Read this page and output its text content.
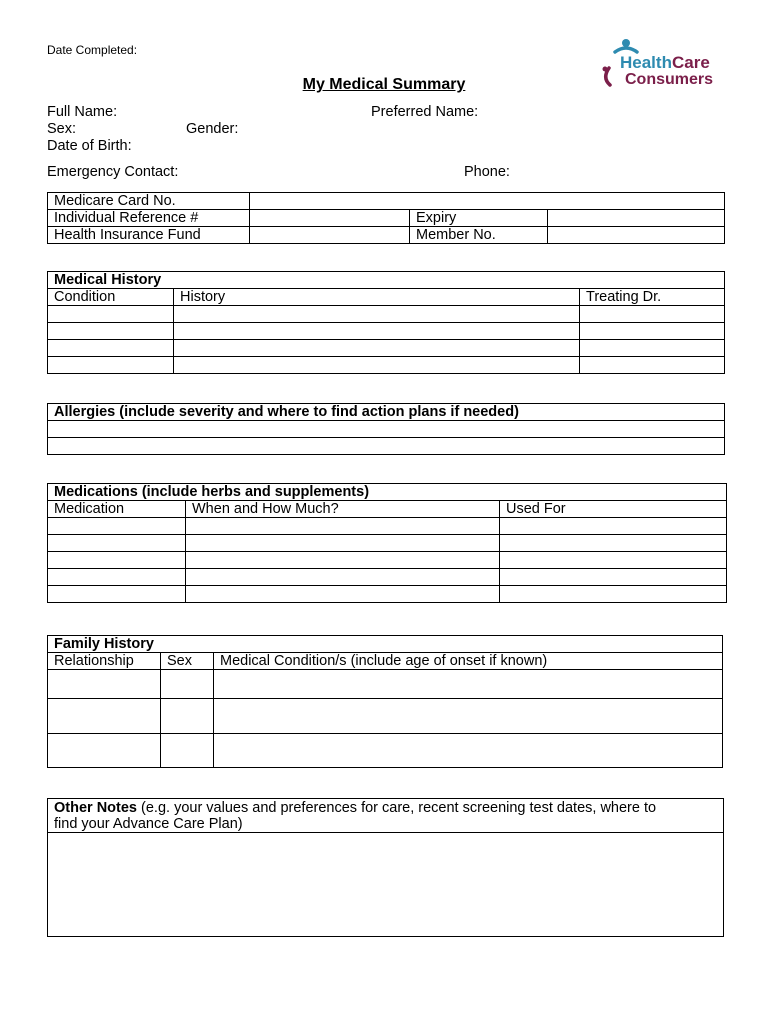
Date Completed:
HealthCare
Consumers
My Medical Summary
Full Name:	Preferred Name:
Sex:	Gender:
Date of Birth:
Emergency Contact:	Phone:
Medicare Card No.			
Individual Reference #		Expiry	
Health Insurance Fund		Member No.	
Medical History		
Condition	History	Treating Dr.

Allergies (include severity and where to find action plans if needed)

Medications (include herbs and supplements)		
Medication	When and How Much?	Used For

Family History		
Relationship	Sex	Medical Condition/s (include age of onset if known)

Other Notes (e.g. your values and preferences for care, recent screening test dates, where to
find your Advance Care Plan)
